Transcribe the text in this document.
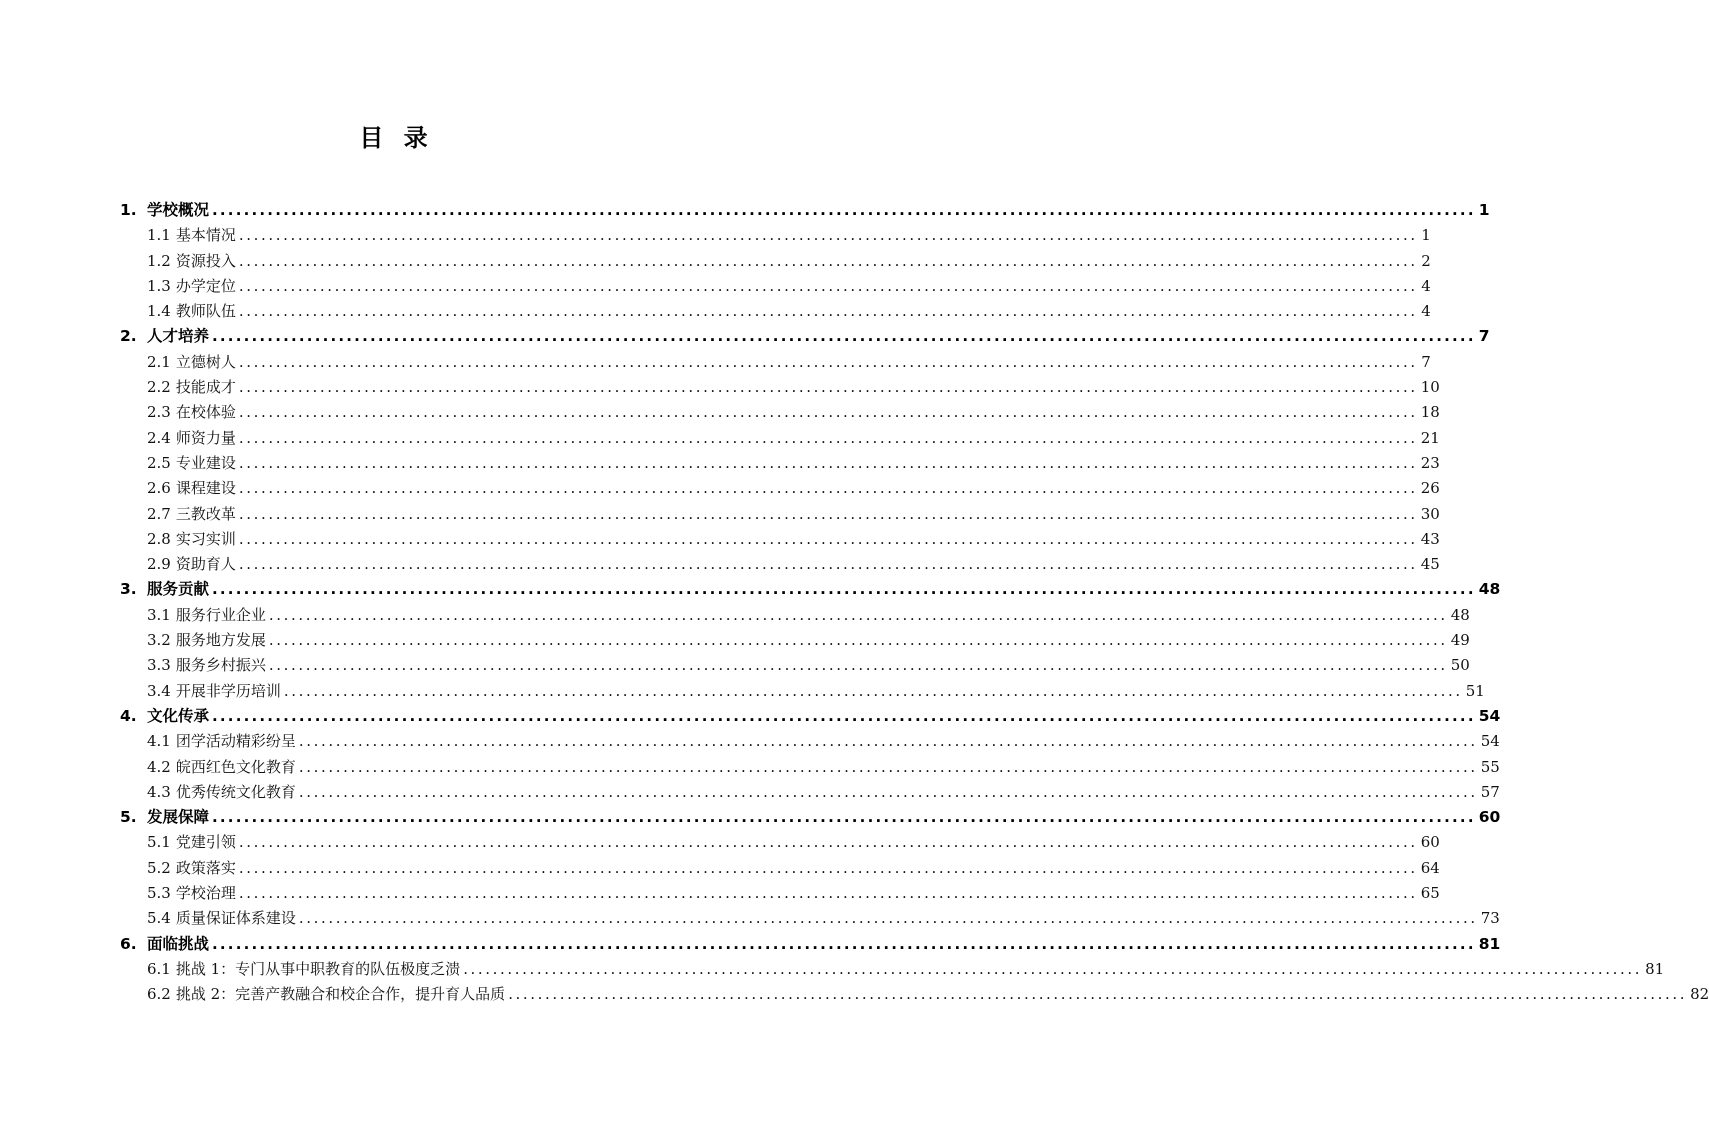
目 录
1. 学校概况 ................................................................................................................................................................ 1
1.1 基本情况 ................................................................................................................................................................ 1
1.2 资源投入 ................................................................................................................................................................ 2
1.3 办学定位 ................................................................................................................................................................ 4
1.4 教师队伍 ................................................................................................................................................................ 4
2. 人才培养 ................................................................................................................................................................ 7
2.1 立德树人 ................................................................................................................................................................ 7
2.2 技能成才 ................................................................................................................................................................ 10
2.3 在校体验 ................................................................................................................................................................ 18
2.4 师资力量 ................................................................................................................................................................ 21
2.5 专业建设 ................................................................................................................................................................ 23
2.6 课程建设 ................................................................................................................................................................ 26
2.7 三教改革 ................................................................................................................................................................ 30
2.8 实习实训 ................................................................................................................................................................ 43
2.9 资助育人 ................................................................................................................................................................ 45
3. 服务贡献 ................................................................................................................................................................ 48
3.1 服务行业企业 ................................................................................................................................................................ 48
3.2 服务地方发展 ................................................................................................................................................................ 49
3.3 服务乡村振兴 ................................................................................................................................................................ 50
3.4 开展非学历培训 ................................................................................................................................................................ 51
4. 文化传承 ................................................................................................................................................................ 54
4.1 团学活动精彩纷呈 ................................................................................................................................................................ 54
4.2 皖西红色文化教育 ................................................................................................................................................................ 55
4.3 优秀传统文化教育 ................................................................................................................................................................ 57
5. 发展保障 ................................................................................................................................................................ 60
5.1 党建引领 ................................................................................................................................................................ 60
5.2 政策落实 ................................................................................................................................................................ 64
5.3 学校治理 ................................................................................................................................................................ 65
5.4 质量保证体系建设 ................................................................................................................................................................ 73
6. 面临挑战 ................................................................................................................................................................ 81
6.1 挑战 1：专门从事中职教育的队伍极度乏溃 ................................................................................................................................................................ 81
6.2 挑战 2：完善产教融合和校企合作，提升育人品质 ................................................................................................................................................................ 82
